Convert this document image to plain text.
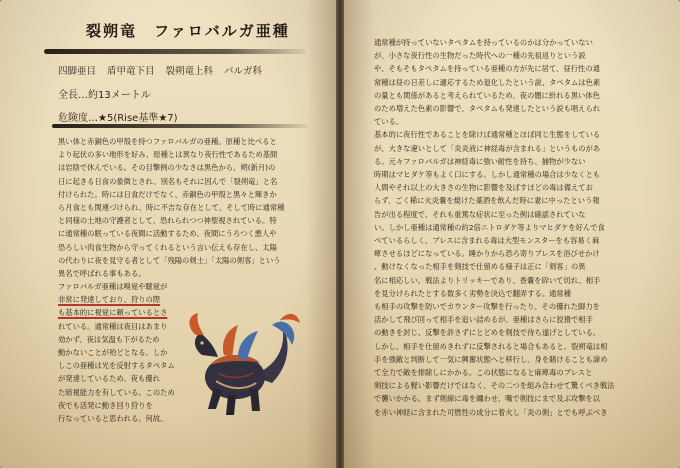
裂朔竜　ファロバルガ亜種
四脚亜目 盾甲竜下目 裂朔竜上科 バルガ科
全長…約13メートル
危険度…★5(Rise基準★7)
黒い体と赤銅色の甲殻を持つファロバルガの亜種。原種と比べると
より起伏の多い地形を好み、原種とは異なり夜行性であるため基間
は岩陰で休んでいる。その目撃例の少なさは黒色から、朔(新月)の
日に起きる日食の象徴とされ、別名もそれに因んで「裂朔竜」と名
付けられた。時には日食だけでなく、赤銅色の甲殻と黒々と輝きか
ら月食とも関連づけられ、時に不吉な存在として、そして時に通常種
と同様の土地の守護者として、恐れられつつ神聖視されている。特
に通常種の眠っている夜間に活動するため、夜間にうろつく悪人や
恐ろしい肉食生物から守ってくれるという言い伝えも存在し、太陽
の代わりに夜を見守る者として「残陽の剣士」「太陽の剣客」という
異名で呼ばれる事もある。
ファロバルガ亜種は嗅覚や聴覚が
非常に発達しており、狩りの際
も基本的に視覚に頼っているとさ
れている。通常種は夜目はあまり
効かず、夜は気温も下がるため
動かないことが殆どとなる。しか
しこの亜種は光を反射するタペタム
が発達しているため、夜も優れ
た暗視能力を有している。このため
夜でも活発に動き回り狩りを
行なっていると思われる。何故、
通常種が持っていないタペタムを持っているのかは分かっていない
が、小さな夜行性の生物だった時代への一種の先祖返りという説
や、そもそもタペタムを持っている亜種の方が先に居て、昼行性の通
常種は昼の日差しに適応するため退化したという説、タペタムは色素
の量とも関係があると考えられているため、夜の闇に紛れる黒い体色
のため増えた色素の影響で、タペタムも発達したという説も唱えられ
ている。
基本的に夜行性であることを除けば通常種とほぼ同じ生態をしている
が、大きな違いとして「炎炎液に神経毒が含まれる」というものがあ
る。元々ファロバルガは神経毒に強い耐性を持ち、捕物が少ない
時期はマヒダケ等もよく口にする。しかし通常種の場合は少なくとも
人間やそれ以上の大きさの生物に影響を及ぼすほどの毒は備えてお
らず、ごく稀に火炎嚢を焼けた薬酒を飲んだ時に妻に中ったという報
告が出る程度で、それも重篤な症状に至った例は確認されていな
い。しかし亜種は通常種の約2倍ニトロダケ等よりマヒダケを好んで食
べているらしく、ブレスに含まれる毒は大型モンスターをも容易く麻
痺させるほどになっている。睡かりから恐ろ寄りブレスを浴びせかけ
、動けなくなった相手を剣技で仕留める様子は正に「剣客」の異
名に相応しい。戦法よりトリッキーであり、香嚢を砕いて切れ、相手
を見分けられたとする数多く劣勢を決込で翻弄する。通常種
も相手の攻撃を防いでカウンター攻撃を行ったり、その優れた脚力を
活かして飛び回って相手を追い詰めるが、亜種はさらに狡猾で相手
の動きを封じ、反撃を許さずにとどめを剣技で待ち遂げとしている。
しかし、相手を仕留めきれずに反撃されると場合もあると、裂朔竜は相
手を強敵と判断して一気に興奮状態へと移行し、身を賭けることも諦め
て全力で敵を排除しにかかる。この状態になると麻痺毒のブレスと
剣技による軽い影響だけではなく、その二つを組み合わせて驚くべき戦法
で襲いかかる。まず剣線に毒を纏わせ、嘴で剣技にまで及ぶ攻撃を以
を赤い神経に含まれた可燃性の成分に着火し「炎の剣」とでも呼ぶべき
